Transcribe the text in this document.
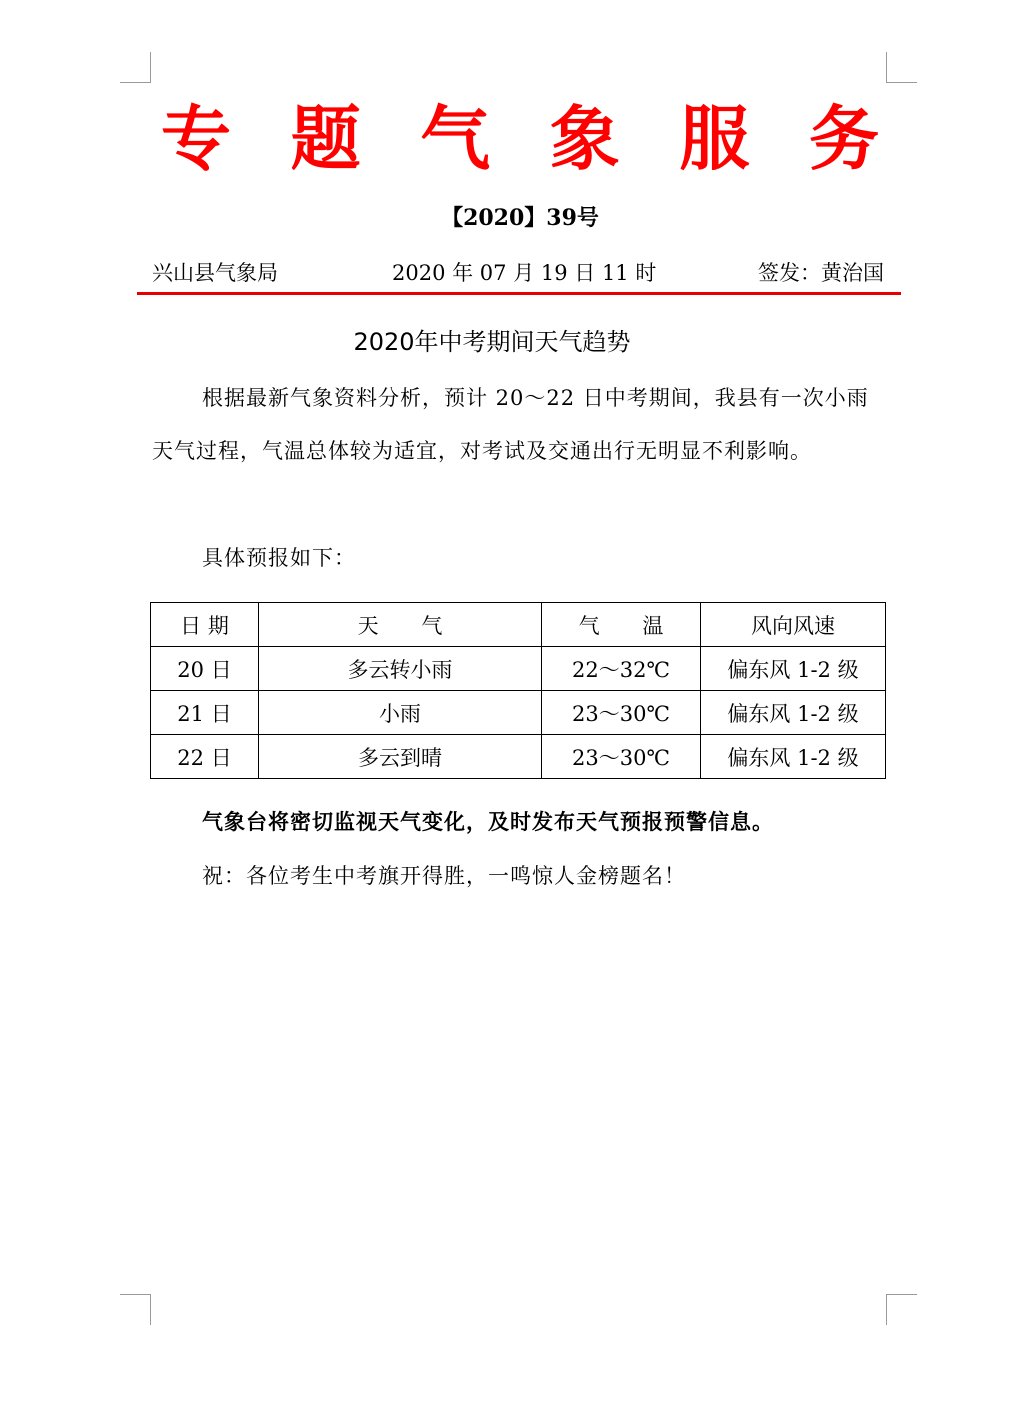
专 题 气 象 服 务
【2020】39号
兴山县气象局	2020 年 07 月 19 日 11 时	签发：黄治国
2020年中考期间天气趋势
根据最新气象资料分析，预计 20～22 日中考期间，我县有一次小雨天气过程，气温总体较为适宜，对考试及交通出行无明显不利影响。
具体预报如下：
日 期	天 气	气 温	风向风速
20 日	多云转小雨	22～32℃	偏东风 1-2 级
21 日	小雨	23～30℃	偏东风 1-2 级
22 日	多云到晴	23～30℃	偏东风 1-2 级
气象台将密切监视天气变化，及时发布天气预报预警信息。
祝：各位考生中考旗开得胜，一鸣惊人金榜题名！
